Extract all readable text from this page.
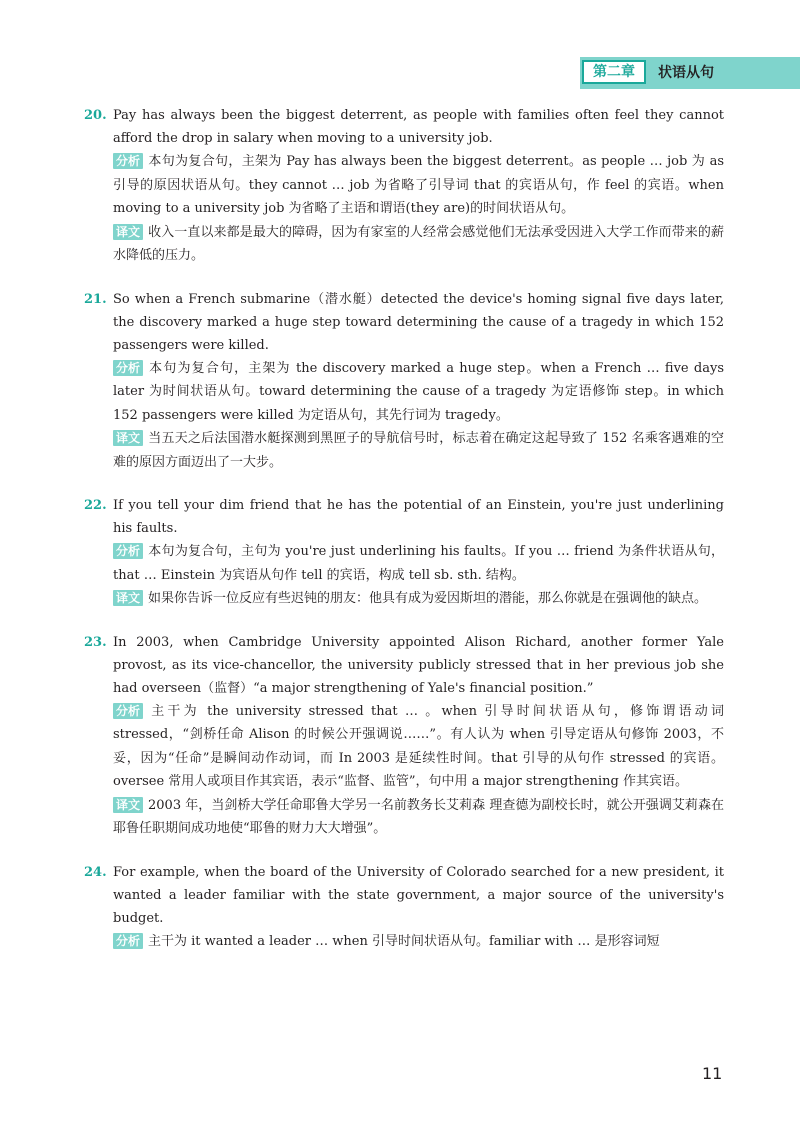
第二章	状语从句

20. Pay has always been the biggest deterrent, as people with families often feel they cannot afford the drop in salary when moving to a university job.

分析 本句为复合句，主架为 Pay has always been the biggest deterrent。as people … job 为 as 引导的原因状语从句。they cannot … job 为省略了引导词 that 的宾语从句，作 feel 的宾语。when moving to a university job 为省略了主语和谓语(they are)的时间状语从句。

译文 收入一直以来都是最大的障碍，因为有家室的人经常会感觉他们无法承受因进入大学工作而带来的薪水降低的压力。

21. So when a French submarine（潜水艇）detected the device's homing signal five days later, the discovery marked a huge step toward determining the cause of a tragedy in which 152 passengers were killed.

分析 本句为复合句，主架为 the discovery marked a huge step。when a French … five days later 为时间状语从句。toward determining the cause of a tragedy 为定语修饰 step。in which 152 passengers were killed 为定语从句，其先行词为 tragedy。

译文 当五天之后法国潜水艇探测到黑匣子的导航信号时，标志着在确定这起导致了 152 名乘客遇难的空难的原因方面迈出了一大步。

22. If you tell your dim friend that he has the potential of an Einstein, you're just underlining his faults.

分析 本句为复合句，主句为 you're just underlining his faults。If you … friend 为条件状语从句，that … Einstein 为宾语从句作 tell 的宾语，构成 tell sb. sth. 结构。

译文 如果你告诉一位反应有些迟钝的朋友：他具有成为爱因斯坦的潜能，那么你就是在强调他的缺点。

23. In 2003, when Cambridge University appointed Alison Richard, another former Yale provost, as its vice-chancellor, the university publicly stressed that in her previous job she had overseen（监督）“a major strengthening of Yale's financial position.”

分析 主干为 the university stressed that … 。when 引导时间状语从句，修饰谓语动词 stressed，“剑桥任命 Alison 的时候公开强调说……”。有人认为 when 引导定语从句修饰 2003，不妥，因为“任命”是瞬间动作动词，而 In 2003 是延续性时间。that 引导的从句作 stressed 的宾语。oversee 常用人或项目作其宾语，表示“监督、监管”，句中用 a major strengthening 作其宾语。

译文 2003 年，当剑桥大学任命耶鲁大学另一名前教务长艾莉森 理查德为副校长时，就公开强调艾莉森在耶鲁任职期间成功地使“耶鲁的财力大大增强”。

24. For example, when the board of the University of Colorado searched for a new president, it wanted a leader familiar with the state government, a major source of the university's budget.

分析 主干为 it wanted a leader … when 引导时间状语从句。familiar with … 是形容词短

11
